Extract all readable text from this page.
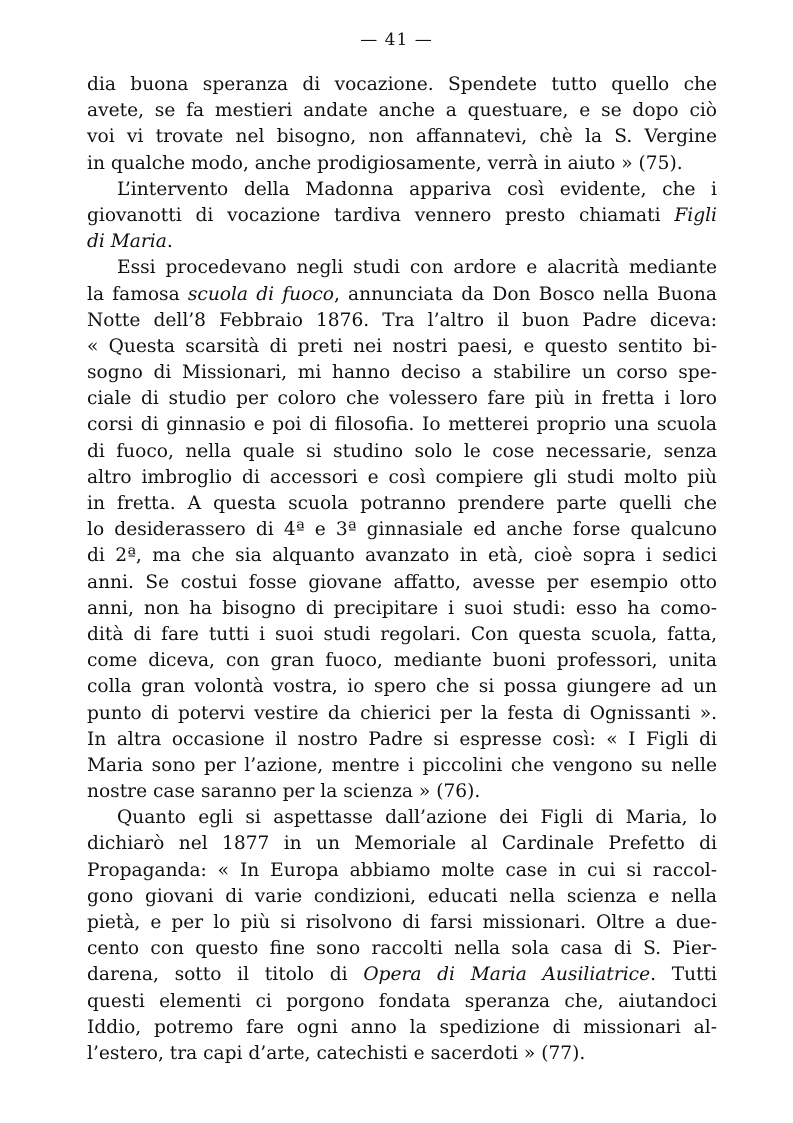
— 41 —
dia buona speranza di vocazione. Spendete tutto quello che
avete, se fa mestieri andate anche a questuare, e se dopo ciò
voi vi trovate nel bisogno, non affannatevi, chè la S. Vergine
in qualche modo, anche prodigiosamente, verrà in aiuto » (75).
L’intervento della Madonna appariva così evidente, che i
giovanotti di vocazione tardiva vennero presto chiamati Figli
di Maria.
Essi procedevano negli studi con ardore e alacrità mediante
la famosa scuola di fuoco, annunciata da Don Bosco nella Buona
Notte dell’8 Febbraio 1876. Tra l’altro il buon Padre diceva:
« Questa scarsità di preti nei nostri paesi, e questo sentito bi-
sogno di Missionari, mi hanno deciso a stabilire un corso spe-
ciale di studio per coloro che volessero fare più in fretta i loro
corsi di ginnasio e poi di filosofia. Io metterei proprio una scuola
di fuoco, nella quale si studino solo le cose necessarie, senza
altro imbroglio di accessori e così compiere gli studi molto più
in fretta. A questa scuola potranno prendere parte quelli che
lo desiderassero di 4ª e 3ª ginnasiale ed anche forse qualcuno
di 2ª, ma che sia alquanto avanzato in età, cioè sopra i sedici
anni. Se costui fosse giovane affatto, avesse per esempio otto
anni, non ha bisogno di precipitare i suoi studi: esso ha como-
dità di fare tutti i suoi studi regolari. Con questa scuola, fatta,
come diceva, con gran fuoco, mediante buoni professori, unita
colla gran volontà vostra, io spero che si possa giungere ad un
punto di potervi vestire da chierici per la festa di Ognissanti ».
In altra occasione il nostro Padre si espresse così: « I Figli di
Maria sono per l’azione, mentre i piccolini che vengono su nelle
nostre case saranno per la scienza » (76).
Quanto egli si aspettasse dall’azione dei Figli di Maria, lo
dichiarò nel 1877 in un Memoriale al Cardinale Prefetto di
Propaganda: « In Europa abbiamo molte case in cui si raccol-
gono giovani di varie condizioni, educati nella scienza e nella
pietà, e per lo più si risolvono di farsi missionari. Oltre a due-
cento con questo fine sono raccolti nella sola casa di S. Pier-
darena, sotto il titolo di Opera di Maria Ausiliatrice. Tutti
questi elementi ci porgono fondata speranza che, aiutandoci
Iddio, potremo fare ogni anno la spedizione di missionari al-
l’estero, tra capi d’arte, catechisti e sacerdoti » (77).
